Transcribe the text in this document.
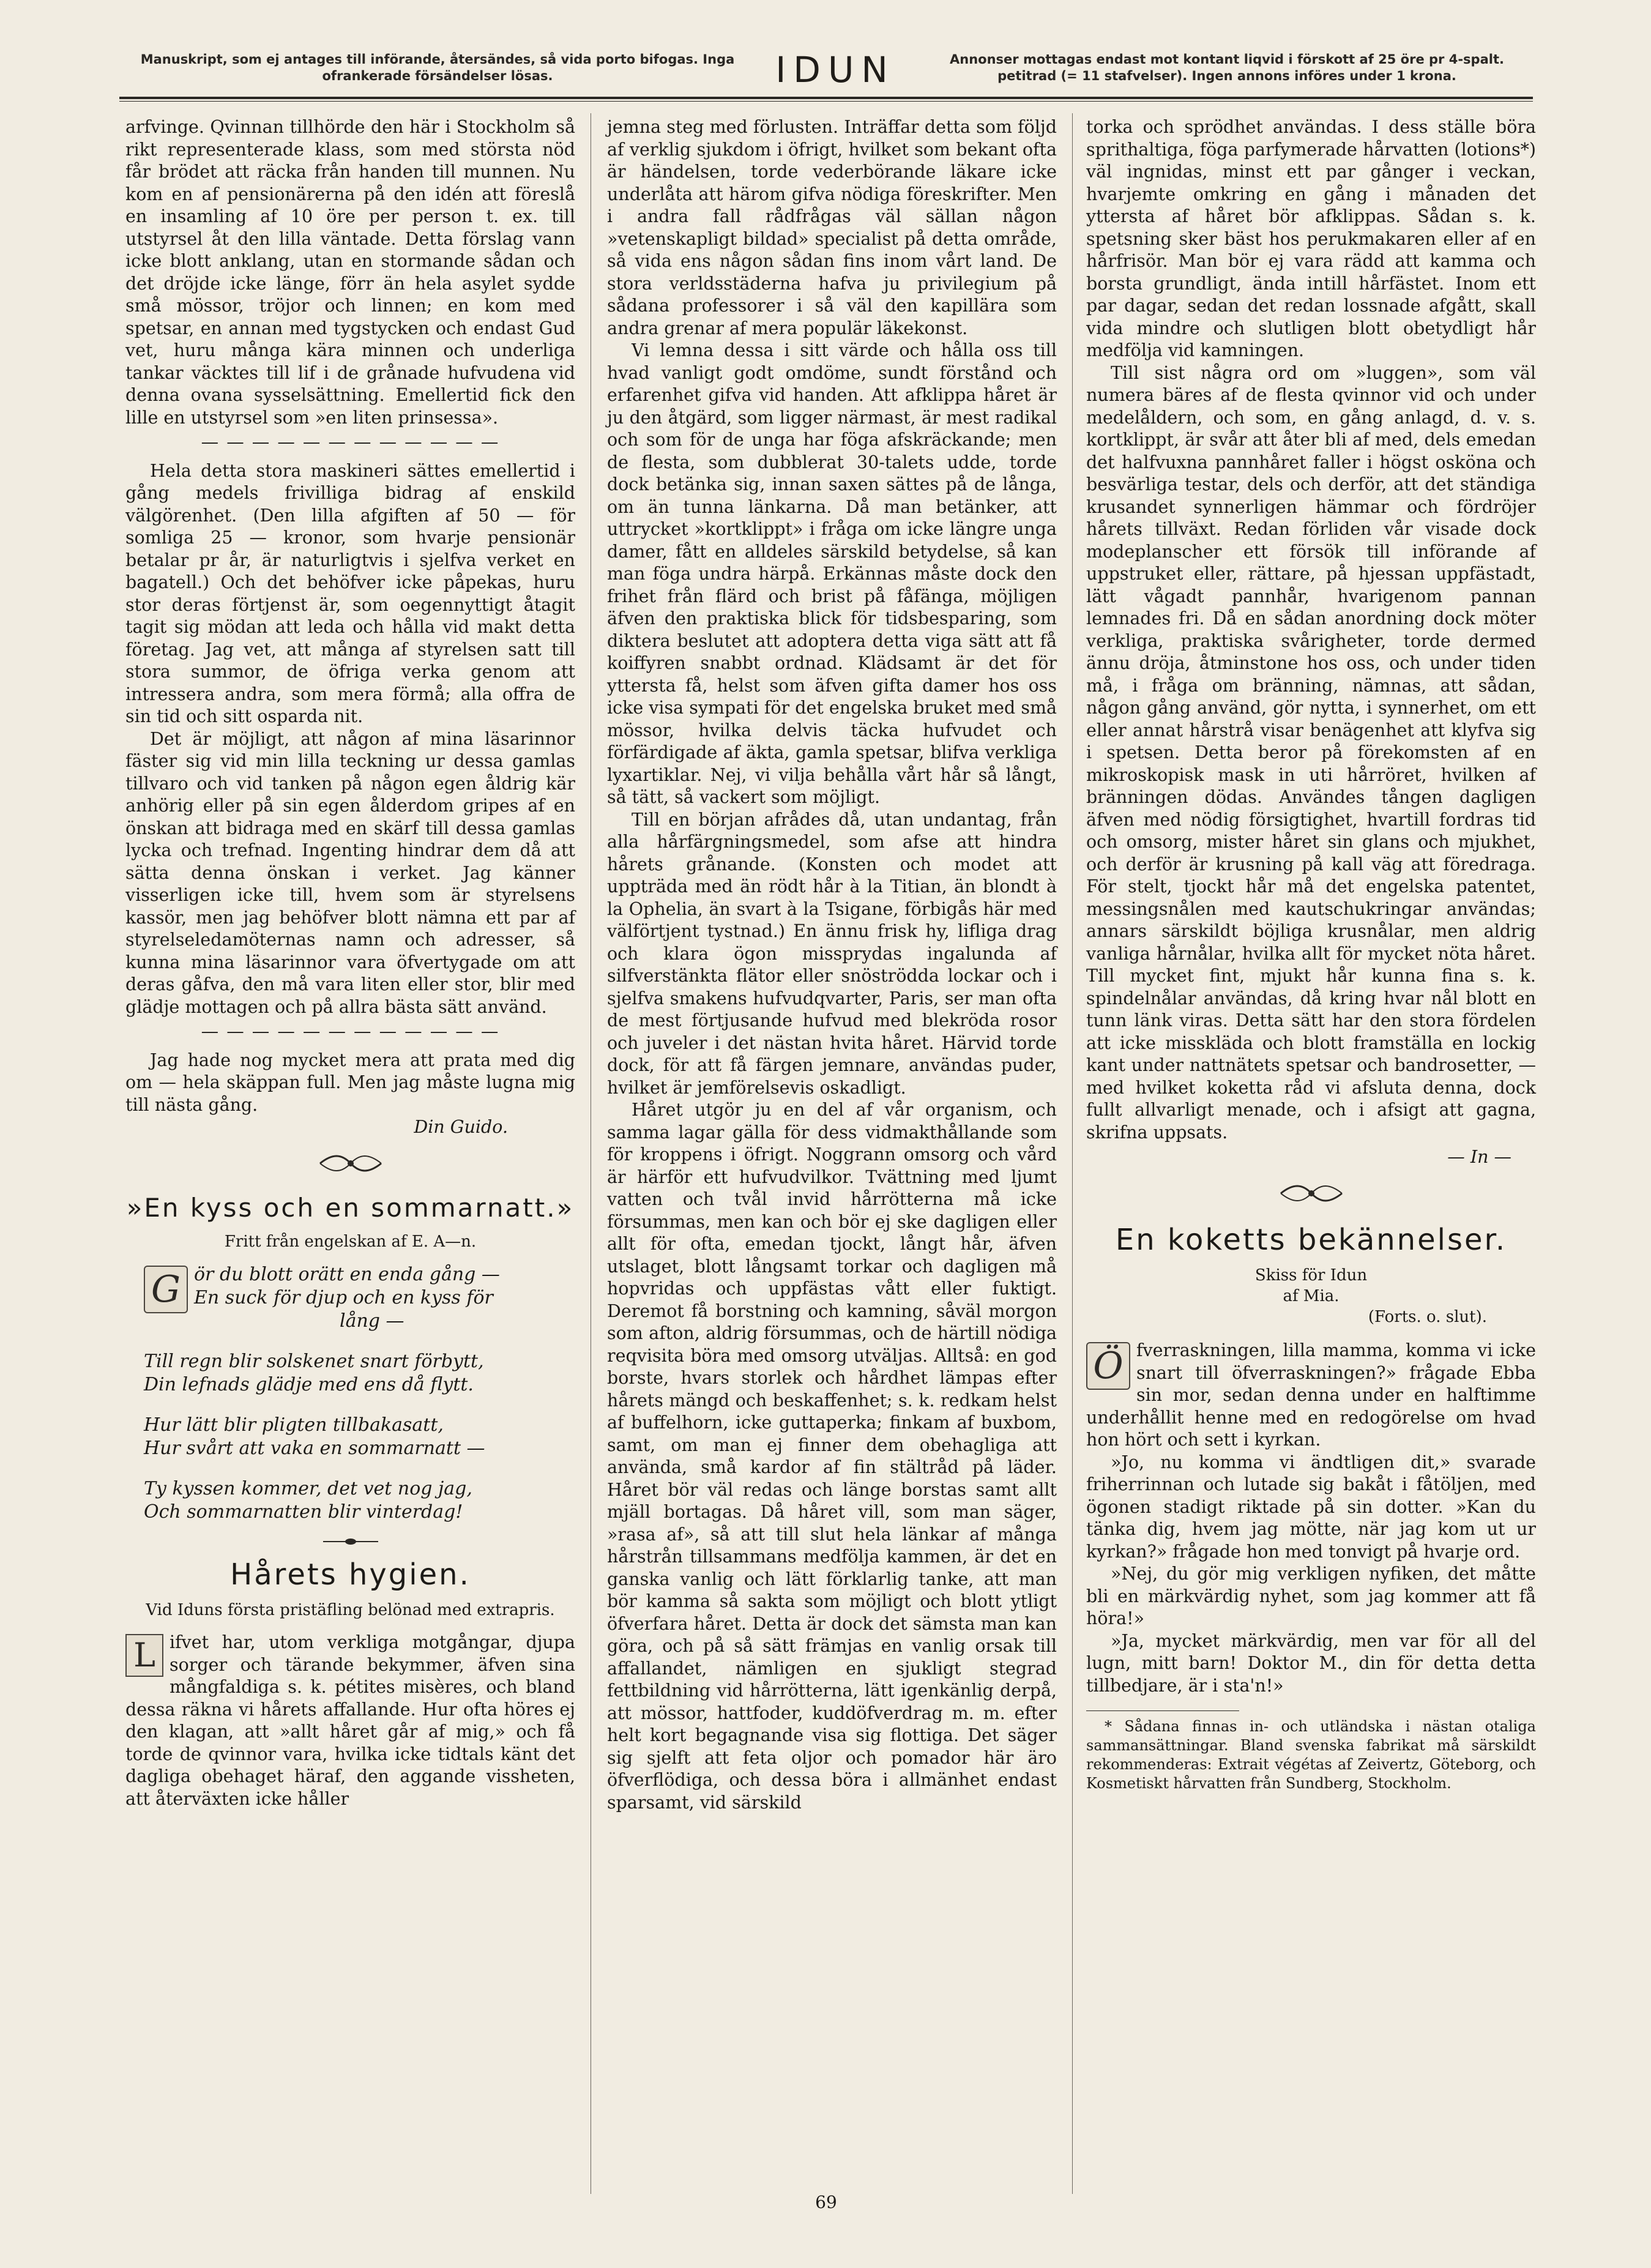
Manuskript, som ej antages till införande, återsändes, så vida porto bifogas. Inga ofrankerade försändelser lösas.	IDUN	Annonser mottagas endast mot kontant liqvid i förskott af 25 öre pr 4-spalt. petitrad (= 11 stafvelser). Ingen annons införes under 1 krona.

arfvinge. Qvinnan tillhörde den här i Stockholm så rikt representerade klass, som med största nöd får brödet att räcka från handen till munnen. Nu kom en af pensionärerna på den idén att föreslå en insamling af 10 öre per person t. ex. till utstyrsel åt den lilla väntade. Detta förslag vann icke blott anklang, utan en stormande sådan och det dröjde icke länge, förr än hela asylet sydde små mössor, tröjor och linnen; en kom med spetsar, en annan med tygstycken och endast Gud vet, huru många kära minnen och underliga tankar väcktes till lif i de grånade hufvudena vid denna ovana sysselsättning. Emellertid fick den lille en utstyrsel som »en liten prinsessa».

— — — — — — — — — — — —

Hela detta stora maskineri sättes emellertid i gång medels frivilliga bidrag af enskild välgörenhet. (Den lilla afgiften af 50 — för somliga 25 — kronor, som hvarje pensionär betalar pr år, är naturligtvis i sjelfva verket en bagatell.) Och det behöfver icke påpekas, huru stor deras förtjenst är, som oegennyttigt åtagit tagit sig mödan att leda och hålla vid makt detta företag. Jag vet, att många af styrelsen satt till stora summor, de öfriga verka genom att intressera andra, som mera förmå; alla offra de sin tid och sitt osparda nit.

Det är möjligt, att någon af mina läsarinnor fäster sig vid min lilla teckning ur dessa gamlas tillvaro och vid tanken på någon egen åldrig kär anhörig eller på sin egen ålderdom gripes af en önskan att bidraga med en skärf till dessa gamlas lycka och trefnad. Ingenting hindrar dem då att sätta denna önskan i verket. Jag känner visserligen icke till, hvem som är styrelsens kassör, men jag behöfver blott nämna ett par af styrelseledamöternas namn och adresser, så kunna mina läsarinnor vara öfvertygade om att deras gåfva, den må vara liten eller stor, blir med glädje mottagen och på allra bästa sätt använd.

— — — — — — — — — — — —

Jag hade nog mycket mera att prata med dig om — hela skäppan full. Men jag måste lugna mig till nästa gång.

Din Guido.

»En kyss och en sommarnatt.»
Fritt från engelskan af E. A—n.
G ör du blott orätt en enda gång —
En suck för djup och en kyss för
lång —
Till regn blir solskenet snart förbytt,
Din lefnads glädje med ens då flytt.
Hur lätt blir pligten tillbakasatt,
Hur svårt att vaka en sommarnatt —
Ty kyssen kommer, det vet nog jag,
Och sommarnatten blir vinterdag!
Hårets hygien.
Vid Iduns första pristäfling belönad med extrapris.
L ifvet har, utom verkliga motgångar, djupa sorger och tärande bekymmer, äfven sina mångfaldiga s. k. pétites misères, och bland dessa räkna vi hårets affallande. Hur ofta höres ej den klagan, att »allt håret går af mig,» och få torde de qvinnor vara, hvilka icke tidtals känt det dagliga obehaget häraf, den aggande vissheten, att återväxten icke håller

jemna steg med förlusten. Inträffar detta som följd af verklig sjukdom i öfrigt, hvilket som bekant ofta är händelsen, torde vederbörande läkare icke underlåta att härom gifva nödiga föreskrifter. Men i andra fall rådfrågas väl sällan någon »vetenskapligt bildad» specialist på detta område, så vida ens någon sådan fins inom vårt land. De stora verldsstäderna hafva ju privilegium på sådana professorer i så väl den kapillära som andra grenar af mera populär läkekonst.

Vi lemna dessa i sitt värde och hålla oss till hvad vanligt godt omdöme, sundt förstånd och erfarenhet gifva vid handen. Att afklippa håret är ju den åtgärd, som ligger närmast, är mest radikal och som för de unga har föga afskräckande; men de flesta, som dubblerat 30-talets udde, torde dock betänka sig, innan saxen sättes på de långa, om än tunna länkarna. Då man betänker, att uttrycket »kortklippt» i fråga om icke längre unga damer, fått en alldeles särskild betydelse, så kan man föga undra härpå. Erkännas måste dock den frihet från flärd och brist på fåfänga, möjligen äfven den praktiska blick för tidsbesparing, som diktera beslutet att adoptera detta viga sätt att få koiffyren snabbt ordnad. Klädsamt är det för yttersta få, helst som äfven gifta damer hos oss icke visa sympati för det engelska bruket med små mössor, hvilka delvis täcka hufvudet och förfärdigade af äkta, gamla spetsar, blifva verkliga lyxartiklar. Nej, vi vilja behålla vårt hår så långt, så tätt, så vackert som möjligt.

Till en början afrådes då, utan undantag, från alla hårfärgningsmedel, som afse att hindra hårets grånande. (Konsten och modet att uppträda med än rödt hår à la Titian, än blondt à la Ophelia, än svart à la Tsigane, förbigås här med välförtjent tystnad.) En ännu frisk hy, lifliga drag och klara ögon missprydas ingalunda af silfverstänkta flätor eller snöströdda lockar och i sjelfva smakens hufvudqvarter, Paris, ser man ofta de mest förtjusande hufvud med blekröda rosor och juveler i det nästan hvita håret. Härvid torde dock, för att få färgen jemnare, användas puder, hvilket är jemförelsevis oskadligt.

Håret utgör ju en del af vår organism, och samma lagar gälla för dess vidmakthållande som för kroppens i öfrigt. Noggrann omsorg och vård är härför ett hufvudvilkor. Tvättning med ljumt vatten och tvål invid hårrötterna må icke försummas, men kan och bör ej ske dagligen eller allt för ofta, emedan tjockt, långt hår, äfven utslaget, blott långsamt torkar och dagligen må hopvridas och uppfästas vått eller fuktigt. Deremot få borstning och kamning, såväl morgon som afton, aldrig försummas, och de härtill nödiga reqvisita böra med omsorg utväljas. Alltså: en god borste, hvars storlek och hårdhet lämpas efter hårets mängd och beskaffenhet; s. k. redkam helst af buffelhorn, icke guttaperka; finkam af buxbom, samt, om man ej finner dem obehagliga att använda, små kardor af fin stältråd på läder. Håret bör väl redas och länge borstas samt allt mjäll bortagas. Då håret vill, som man säger, »rasa af», så att till slut hela länkar af många hårstrån tillsammans medfölja kammen, är det en ganska vanlig och lätt förklarlig tanke, att man bör kamma så sakta som möjligt och blott ytligt öfverfara håret. Detta är dock det sämsta man kan göra, och på så sätt främjas en vanlig orsak till affallandet, nämligen en sjukligt stegrad fettbildning vid hårrötterna, lätt igenkänlig derpå, att mössor, hattfoder, kuddöfverdrag m. m. efter helt kort begagnande visa sig flottiga. Det säger sig sjelft att feta oljor och pomador här äro öfverflödiga, och dessa böra i allmänhet endast sparsamt, vid särskild

torka och sprödhet användas. I dess ställe böra sprithaltiga, föga parfymerade hårvatten (lotions*) väl ingnidas, minst ett par gånger i veckan, hvarjemte omkring en gång i månaden det yttersta af håret bör afklippas. Sådan s. k. spetsning sker bäst hos perukmakaren eller af en hårfrisör. Man bör ej vara rädd att kamma och borsta grundligt, ända intill hårfästet. Inom ett par dagar, sedan det redan lossnade afgått, skall vida mindre och slutligen blott obetydligt hår medfölja vid kamningen.

Till sist några ord om »luggen», som väl numera bäres af de flesta qvinnor vid och under medelåldern, och som, en gång anlagd, d. v. s. kortklippt, är svår att åter bli af med, dels emedan det halfvuxna pannhåret faller i högst osköna och besvärliga testar, dels och derför, att det ständiga krusandet synnerligen hämmar och fördröjer hårets tillväxt. Redan förliden vår visade dock modeplanscher ett försök till införande af uppstruket eller, rättare, på hjessan uppfästadt, lätt vågadt pannhår, hvarigenom pannan lemnades fri. Då en sådan anordning dock möter verkliga, praktiska svårigheter, torde dermed ännu dröja, åtminstone hos oss, och under tiden må, i fråga om bränning, nämnas, att sådan, någon gång använd, gör nytta, i synnerhet, om ett eller annat hårstrå visar benägenhet att klyfva sig i spetsen. Detta beror på förekomsten af en mikroskopisk mask in uti hårröret, hvilken af bränningen dödas. Användes tången dagligen äfven med nödig försigtighet, hvartill fordras tid och omsorg, mister håret sin glans och mjukhet, och derför är krusning på kall väg att föredraga. För stelt, tjockt hår må det engelska patentet, messingsnålen med kautschukringar användas; annars särskildt böjliga krusnålar, men aldrig vanliga hårnålar, hvilka allt för mycket nöta håret. Till mycket fint, mjukt hår kunna fina s. k. spindelnålar användas, då kring hvar nål blott en tunn länk viras. Detta sätt har den stora fördelen att icke missklädа och blott framställa en lockig kant under nattnätets spetsar och bandrosetter, — med hvilket koketta råd vi afsluta denna, dock fullt allvarligt menade, och i afsigt att gagna, skrifna uppsats.

— In —

En koketts bekännelser.
Skiss för Idun
af Mia.
(Forts. o. slut).
Ö fverraskningen, lilla mamma, komma vi icke snart till öfverraskningen?» frågade Ebba sin mor, sedan denna under en halftimme underhållit henne med en redogörelse om hvad hon hört och sett i kyrkan.

»Jo, nu komma vi ändtligen dit,» svarade friherrinnan och lutade sig bakåt i fåtöljen, med ögonen stadigt riktade på sin dotter. »Kan du tänka dig, hvem jag mötte, när jag kom ut ur kyrkan?» frågade hon med tonvigt på hvarje ord.

»Nej, du gör mig verkligen nyfiken, det måtte bli en märkvärdig nyhet, som jag kommer att få höra!»

»Ja, mycket märkvärdig, men var för all del lugn, mitt barn! Doktor M., din för detta detta tillbedjare, är i sta'n!»

* Sådana finnas in- och utländska i nästan otaliga sammansättningar. Bland svenska fabrikat må särskildt rekommenderas: Extrait végétas af Zeivertz, Göteborg, och Kosmetiskt hårvatten från Sundberg, Stockholm.

69
